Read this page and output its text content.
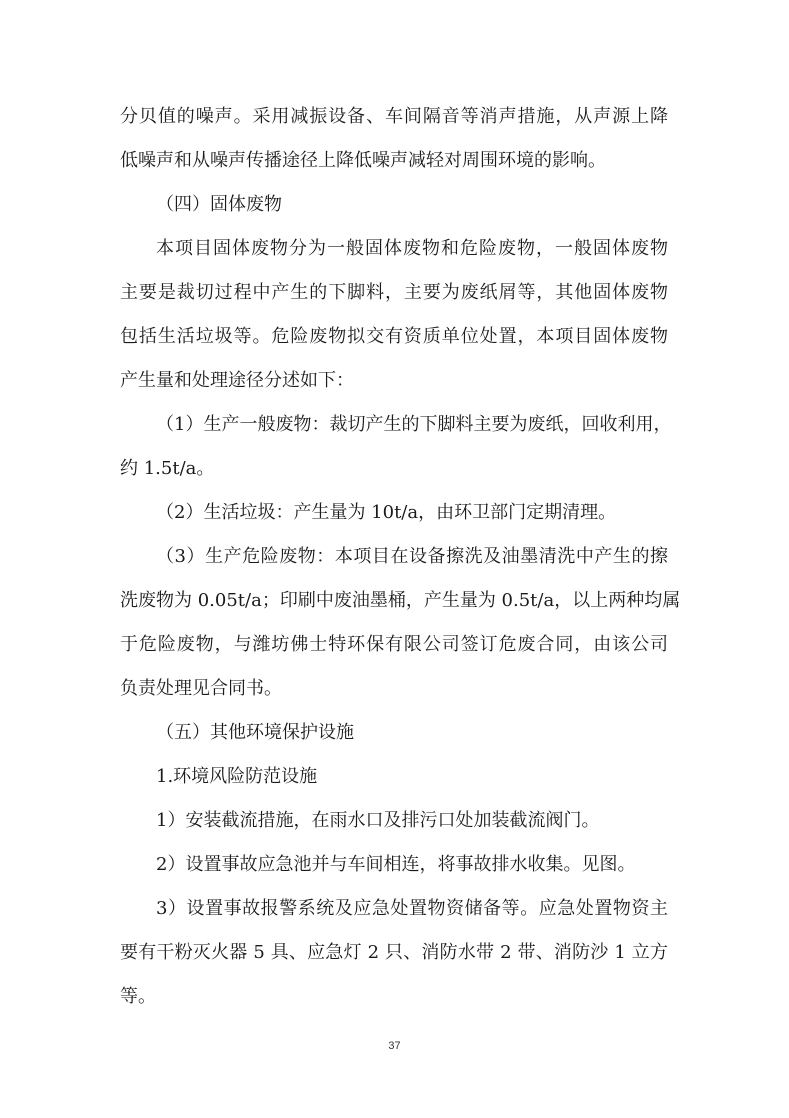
分贝值的噪声。采用减振设备、车间隔音等消声措施，从声源上降
低噪声和从噪声传播途径上降低噪声减轻对周围环境的影响。
（四）固体废物
本项目固体废物分为一般固体废物和危险废物，一般固体废物
主要是裁切过程中产生的下脚料，主要为废纸屑等，其他固体废物
包括生活垃圾等。危险废物拟交有资质单位处置，本项目固体废物
产生量和处理途径分述如下：
（1）生产一般废物：裁切产生的下脚料主要为废纸，回收利用，
约 1.5t/a。
（2）生活垃圾：产生量为 10t/a，由环卫部门定期清理。
（3）生产危险废物：本项目在设备擦洗及油墨清洗中产生的擦
洗废物为 0.05t/a；印刷中废油墨桶，产生量为 0.5t/a，以上两种均属
于危险废物，与潍坊佛士特环保有限公司签订危废合同，由该公司
负责处理见合同书。
（五）其他环境保护设施
1.环境风险防范设施
1）安装截流措施，在雨水口及排污口处加装截流阀门。
2）设置事故应急池并与车间相连，将事故排水收集。见图。
3）设置事故报警系统及应急处置物资储备等。应急处置物资主
要有干粉灭火器 5 具、应急灯 2 只、消防水带 2 带、消防沙 1 立方
等。
37
